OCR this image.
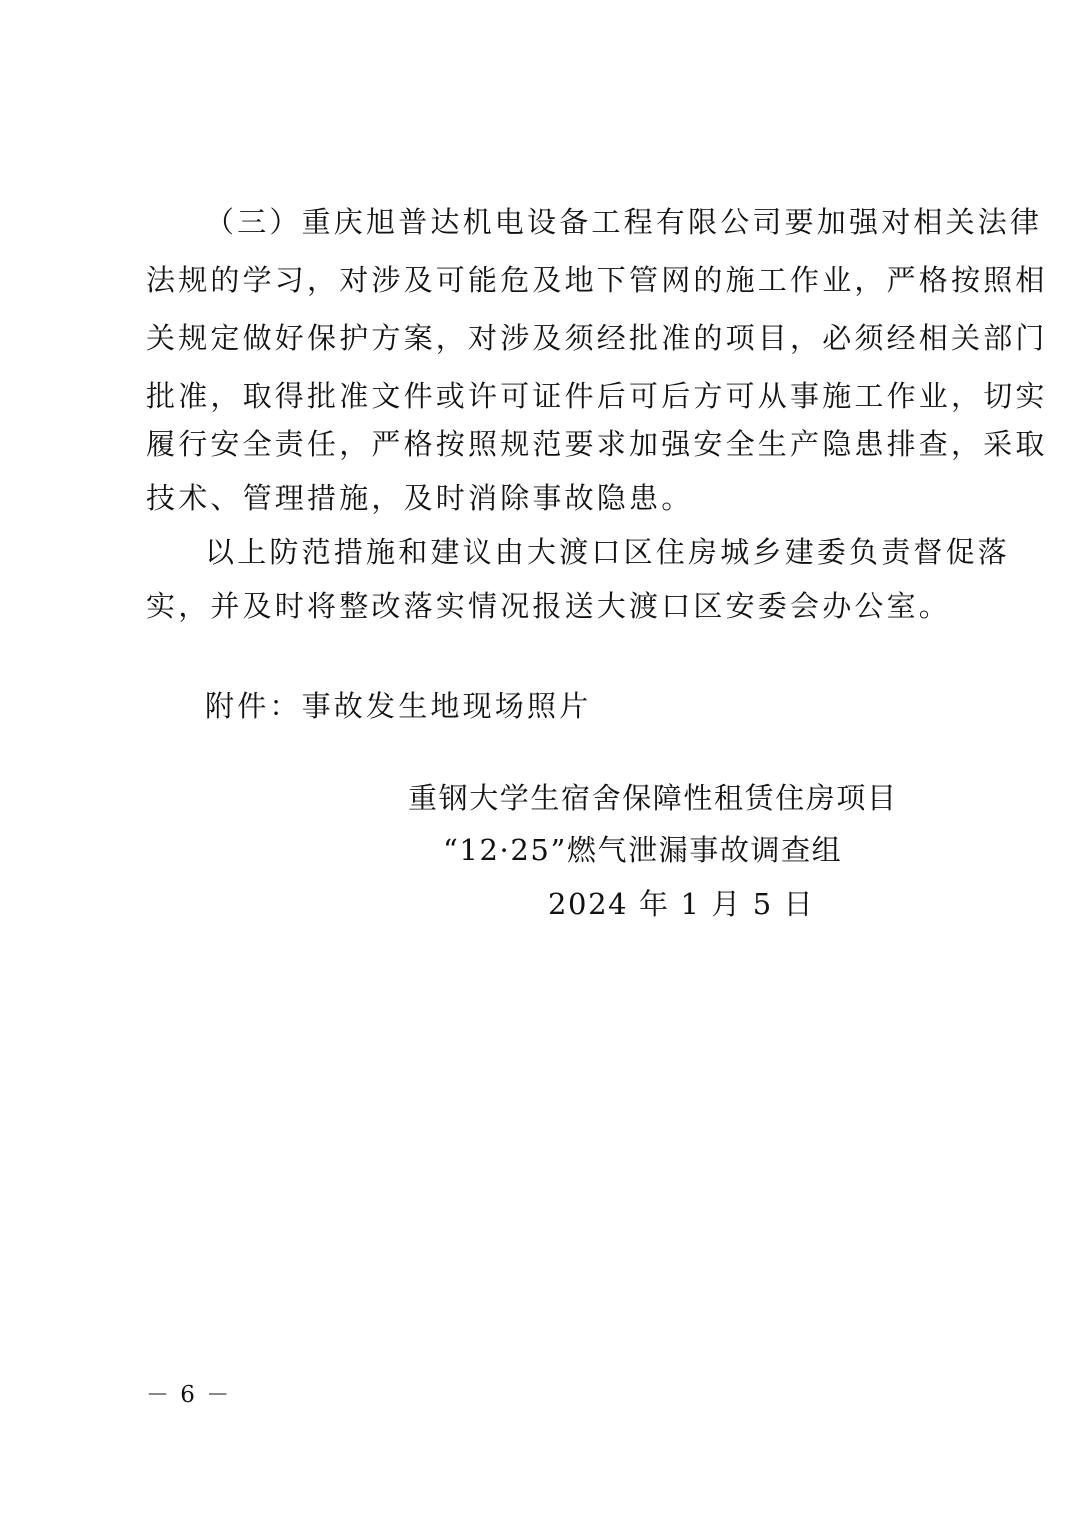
（三）重庆旭普达机电设备工程有限公司要加强对相关法律
法规的学习，对涉及可能危及地下管网的施工作业，严格按照相
关规定做好保护方案，对涉及须经批准的项目，必须经相关部门
批准，取得批准文件或许可证件后可后方可从事施工作业，切实
履行安全责任，严格按照规范要求加强安全生产隐患排查，采取
技术、管理措施，及时消除事故隐患。
以上防范措施和建议由大渡口区住房城乡建委负责督促落
实，并及时将整改落实情况报送大渡口区安委会办公室。
附件：事故发生地现场照片
重钢大学生宿舍保障性租赁住房项目
“12·25”燃气泄漏事故调查组
2024 年 1 月 5 日
－ 6 －
